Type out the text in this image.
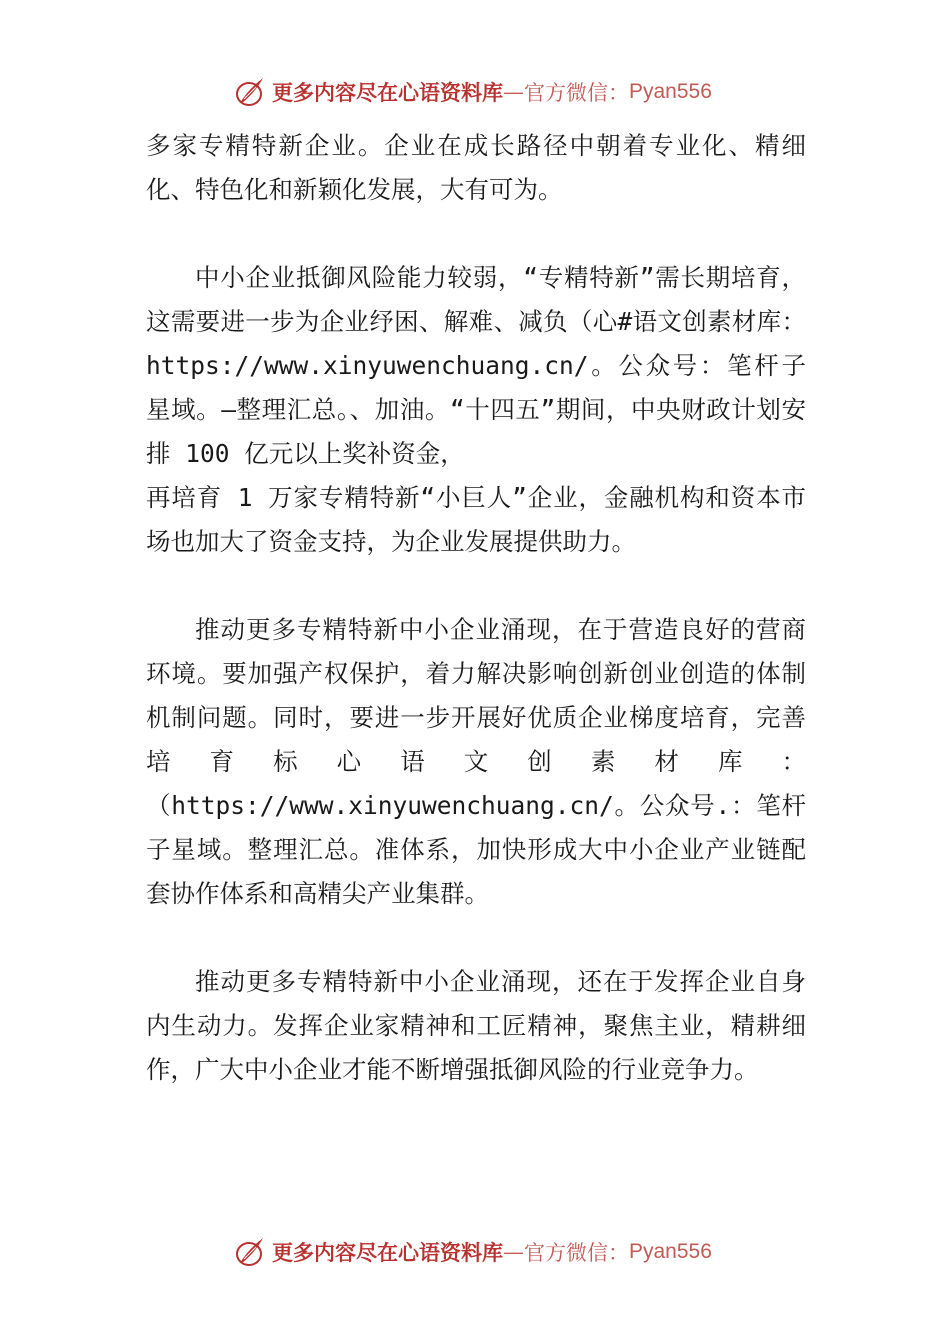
更多内容尽在心语资料库 — 官方微信： Pyan556

多家专精特新企业。企业在成长路径中朝着专业化、精细化、特色化和新颖化发展，大有可为。

中小企业抵御风险能力较弱，“专精特新”需长期培育，这需要进一步为企业纾困、解难、减负（心#语文创素材库：https://www.xinyuwenchuang.cn/。公众号：笔杆子星域。—整理汇总。、加油。“十四五”期间，中央财政计划安排 100 亿元以上奖补资金，

再培育 1 万家专精特新“小巨人”企业，金融机构和资本市场也加大了资金支持，为企业发展提供助力。

推动更多专精特新中小企业涌现，在于营造良好的营商环境。要加强产权保护，着力解决影响创新创业创造的体制机制问题。同时，要进一步开展好优质企业梯度培育，完善培育标心语文创素材库：（https://www.xinyuwenchuang.cn/。公众号.：笔杆子星域。整理汇总。准体系，加快形成大中小企业产业链配套协作体系和高精尖产业集群。

推动更多专精特新中小企业涌现，还在于发挥企业自身内生动力。发挥企业家精神和工匠精神，聚焦主业，精耕细作，广大中小企业才能不断增强抵御风险的行业竞争力。

更多内容尽在心语资料库 — 官方微信： Pyan556
